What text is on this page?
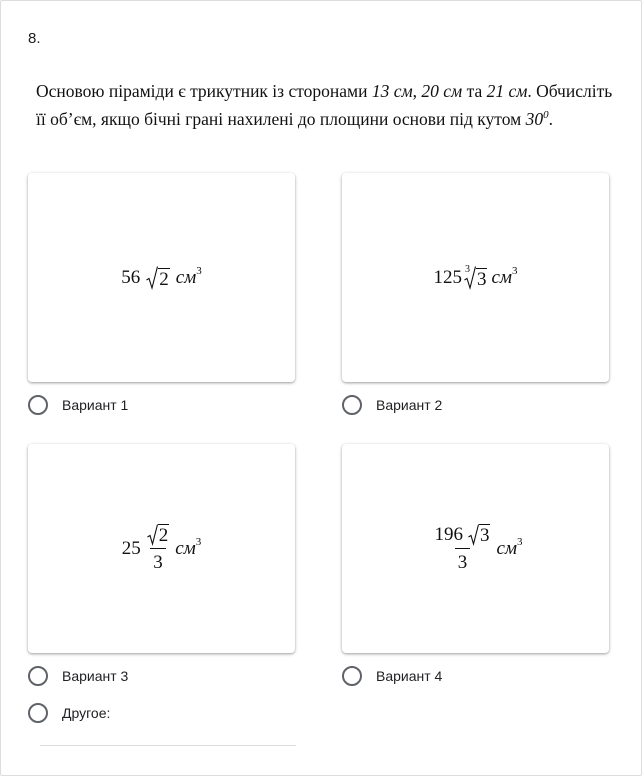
8.
Основою піраміди є трикутник із сторонами 13 см, 20 см та 21 см. Обчисліть її об’єм, якщо бічні грані нахилені до площини основи під кутом $30^0$.
56 2 $см^3$
Вариант 1
125 3 3 $см^3$
Вариант 2
$25 \frac{2}{3} см^3$
Вариант 3
$\frac{196 3}{3} см^3$
Вариант 4
Другое:
